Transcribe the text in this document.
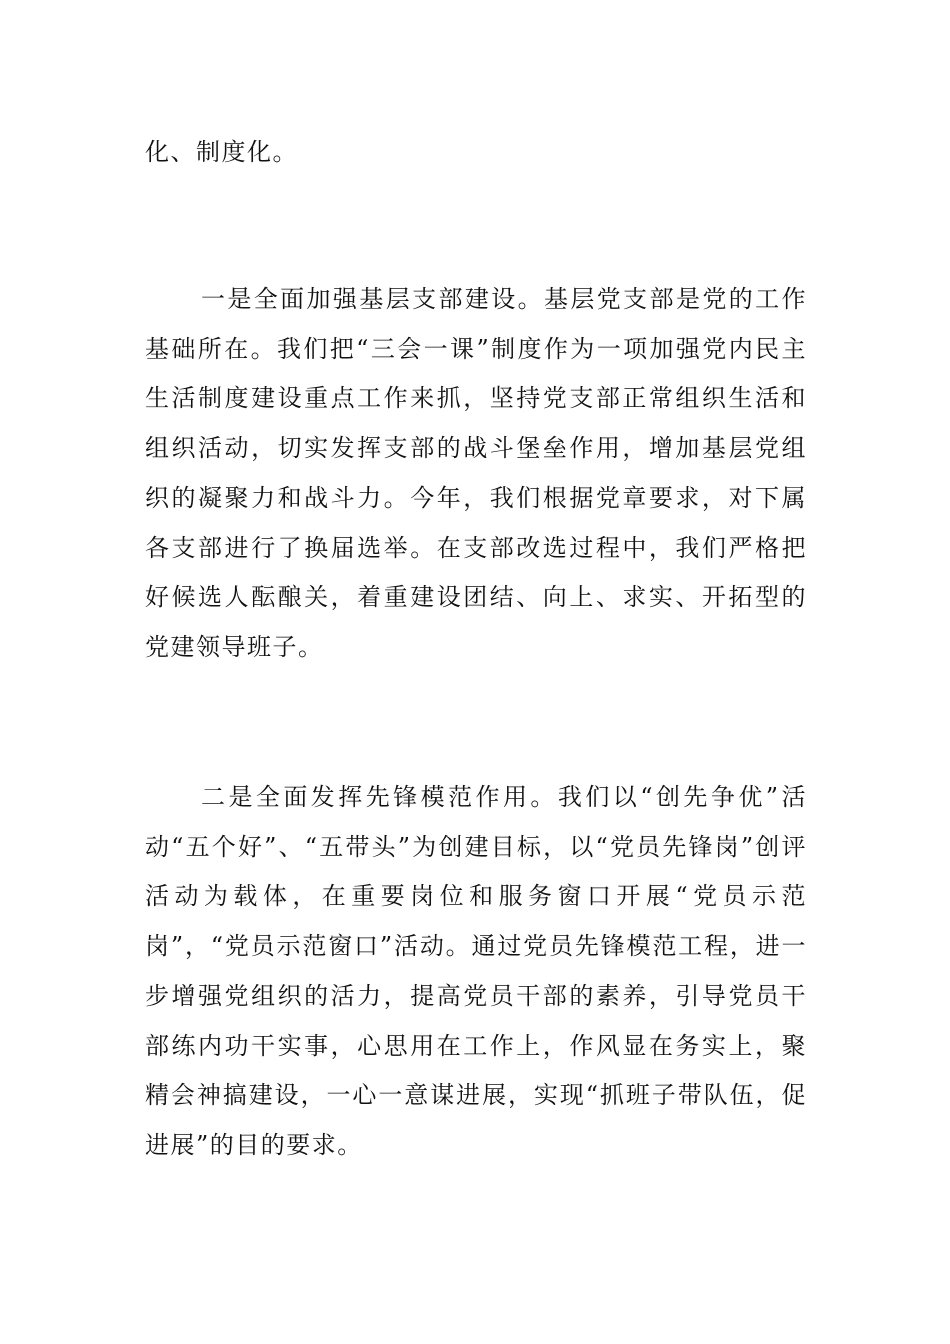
化、制度化。

一是全面加强基层支部建设。基层党支部是党的工作基础所在。我们把“三会一课”制度作为一项加强党内民主生活制度建设重点工作来抓，坚持党支部正常组织生活和组织活动，切实发挥支部的战斗堡垒作用，增加基层党组织的凝聚力和战斗力。今年，我们根据党章要求，对下属各支部进行了换届选举。在支部改选过程中，我们严格把好候选人酝酿关，着重建设团结、向上、求实、开拓型的党建领导班子。

二是全面发挥先锋模范作用。我们以“创先争优”活动“五个好”、“五带头”为创建目标，以“党员先锋岗”创评活动为载体，在重要岗位和服务窗口开展“党员示范岗”，“党员示范窗口”活动。通过党员先锋模范工程，进一步增强党组织的活力，提高党员干部的素养，引导党员干部练内功干实事，心思用在工作上，作风显在务实上，聚精会神搞建设，一心一意谋进展，实现“抓班子带队伍，促进展”的目的要求。
